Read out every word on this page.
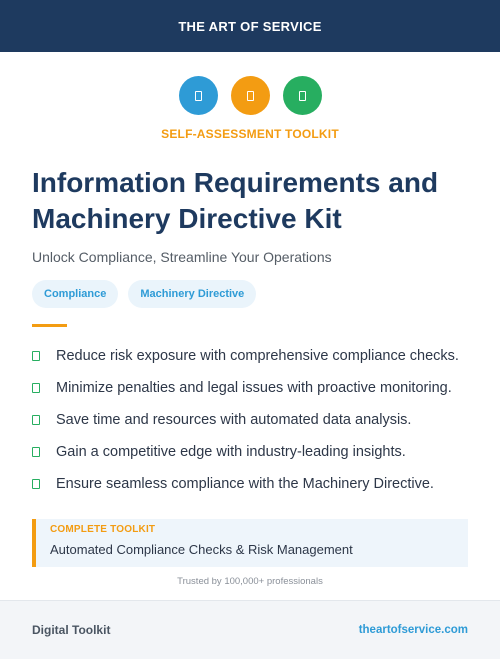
THE ART OF SERVICE
SELF-ASSESSMENT TOOLKIT
Information Requirements and
Machinery Directive Kit
Unlock Compliance, Streamline Your Operations
Compliance	Machinery Directive
Reduce risk exposure with comprehensive compliance checks.
Minimize penalties and legal issues with proactive monitoring.
Save time and resources with automated data analysis.
Gain a competitive edge with industry-leading insights.
Ensure seamless compliance with the Machinery Directive.
COMPLETE TOOLKIT
Automated Compliance Checks & Risk Management
Trusted by 100,000+ professionals
Digital Toolkit	theartofservice.com
